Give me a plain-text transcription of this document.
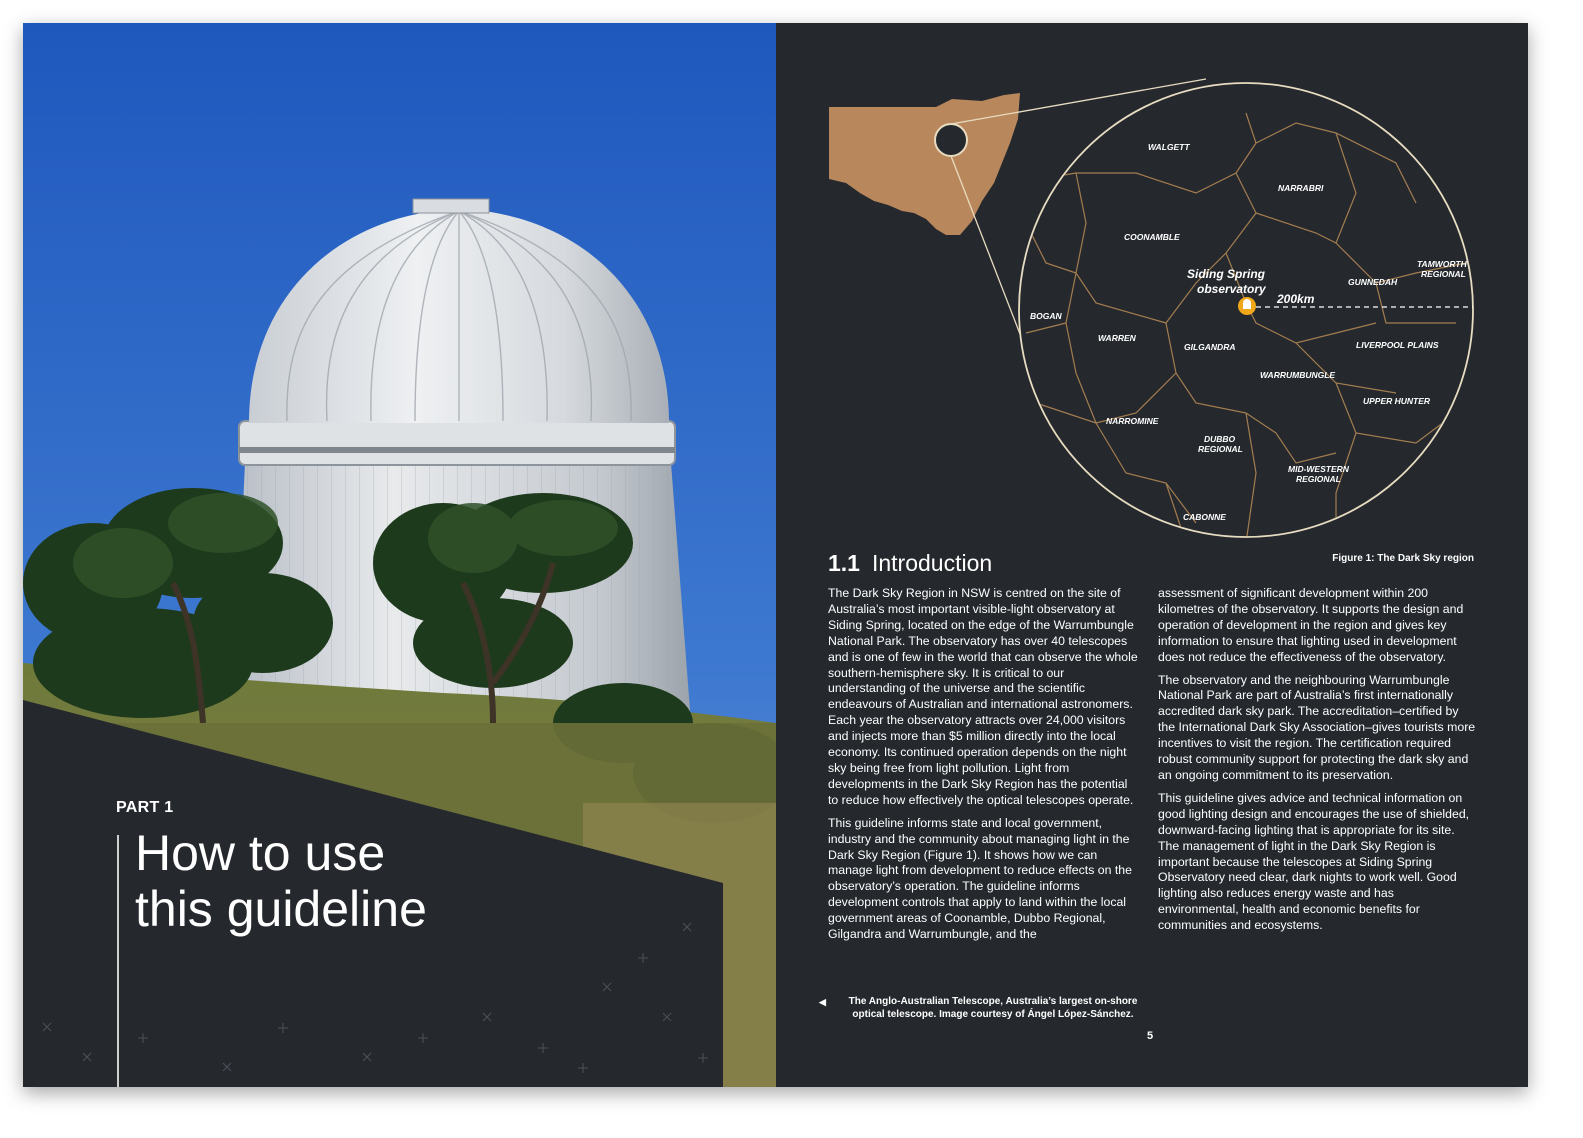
PART 1
How to use
this guideline
WALGETT
NARRABRI
COONAMBLE
GUNNEDAH
TAMWORTH
REGIONAL
BOGAN
WARREN
GILGANDRA	LIVERPOOL PLAINS
WARRUMBUNGLE
UPPER HUNTER
NARROMINE
DUBBO
REGIONAL
MID-WESTERN
REGIONAL
CABONNE
Siding Spring
observatory
200km
Figure 1: The Dark Sky region
1.1 Introduction

The Dark Sky Region in NSW is centred on the site of Australia’s most important visible-light observatory at Siding Spring, located on the edge of the Warrumbungle National Park. The observatory has over 40 telescopes and is one of few in the world that can observe the whole southern-hemisphere sky. It is critical to our understanding of the universe and the scientific endeavours of Australian and international astronomers. Each year the observatory attracts over 24,000 visitors and injects more than $5 million directly into the local economy. Its continued operation depends on the night sky being free from light pollution. Light from developments in the Dark Sky Region has the potential to reduce how effectively the optical telescopes operate.

This guideline informs state and local government, industry and the community about managing light in the Dark Sky Region (Figure 1). It shows how we can manage light from development to reduce effects on the observatory’s operation. The guideline informs development controls that apply to land within the local government areas of Coonamble, Dubbo Regional, Gilgandra and Warrumbungle, and the

assessment of significant development within 200 kilometres of the observatory. It supports the design and operation of development in the region and gives key information to ensure that lighting used in development does not reduce the effectiveness of the observatory.

The observatory and the neighbouring Warrumbungle National Park are part of Australia’s first internationally accredited dark sky park. The accreditation–certified by the International Dark Sky Association–gives tourists more incentives to visit the region. The certification required robust community support for protecting the dark sky and an ongoing commitment to its preservation.

This guideline gives advice and technical information on good lighting design and encourages the use of shielded, downward-facing lighting that is appropriate for its site. The management of light in the Dark Sky Region is important because the telescopes at Siding Spring Observatory need clear, dark nights to work well. Good lighting also reduces energy waste and has environmental, health and economic benefits for communities and ecosystems.

5
◀	The Anglo-Australian Telescope, Australia’s largest on-shore
optical telescope. Image courtesy of Ángel López-Sánchez.
